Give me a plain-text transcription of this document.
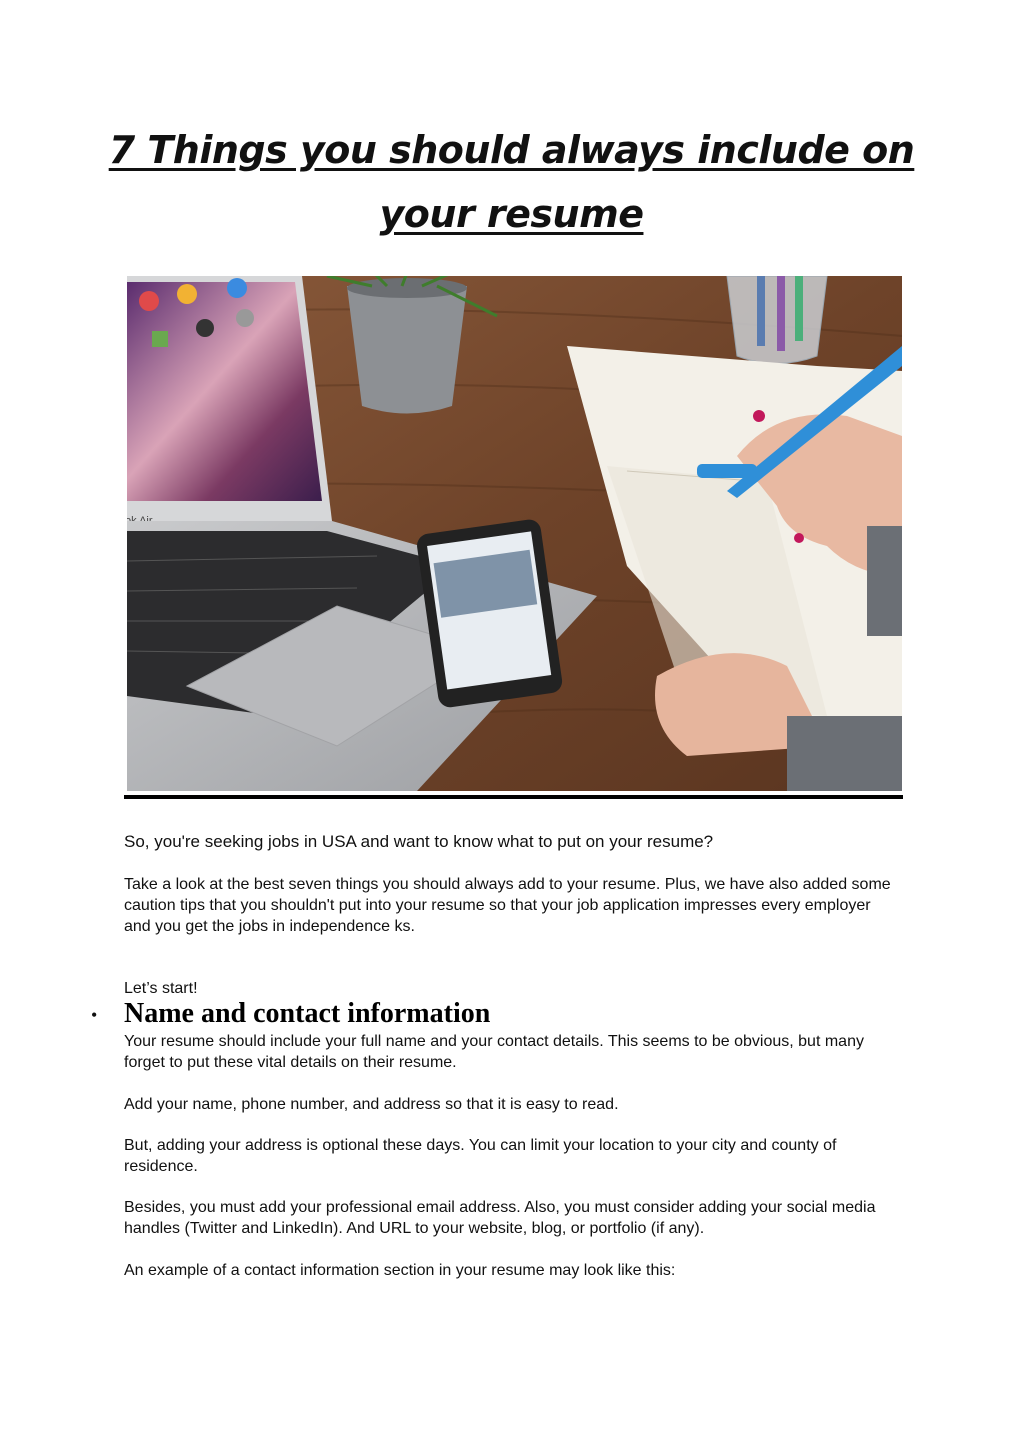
7 Things you should always include on
your resume

So, you're seeking jobs in USA and want to know what to put on your resume?

Take a look at the best seven things you should always add to your resume. Plus, we have also added some caution tips that you shouldn't put into your resume so that your job application impresses every employer and you get the jobs in independence ks.

Let’s start!

• Name and contact information

Your resume should include your full name and your contact details. This seems to be obvious, but many forget to put these vital details on their resume.

Add your name, phone number, and address so that it is easy to read.

But, adding your address is optional these days. You can limit your location to your city and county of residence.

Besides, you must add your professional email address. Also, you must consider adding your social media handles (Twitter and LinkedIn). And URL to your website, blog, or portfolio (if any).

An example of a contact information section in your resume may look like this:
